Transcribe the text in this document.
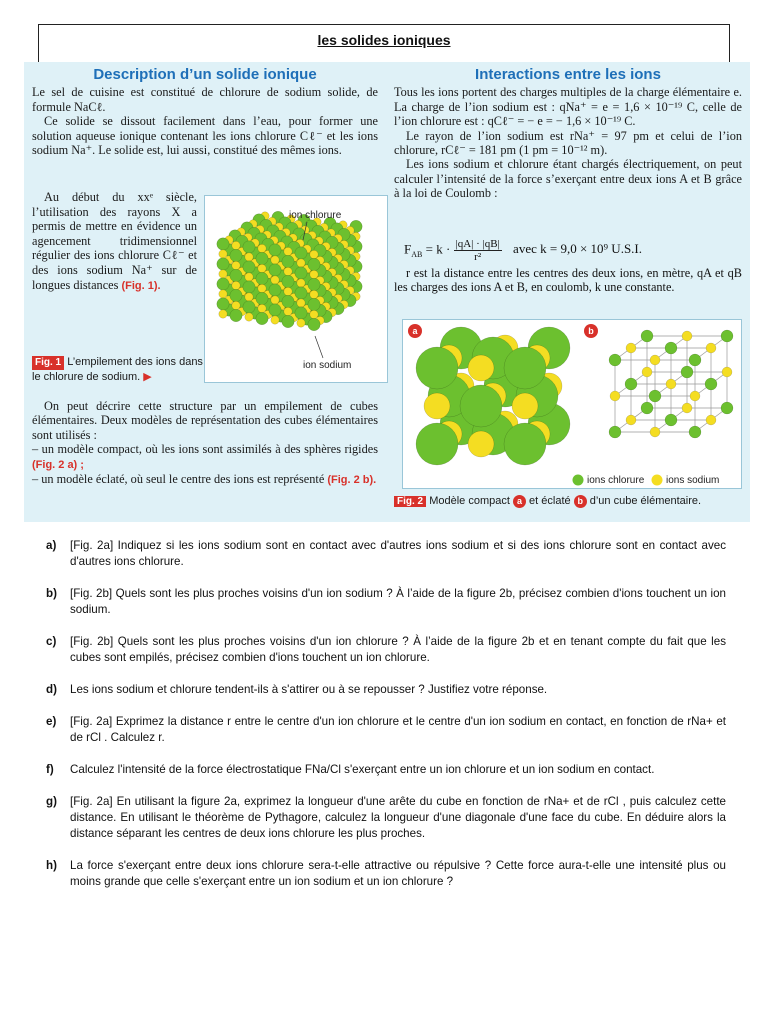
les solides ioniques
Description d’un solide ionique
Le sel de cuisine est constitué de chlorure de sodium solide, de formule NaCℓ.
Ce solide se dissout facilement dans l’eau, pour former une solution aqueuse ionique contenant les ions chlorure Cℓ⁻ et les ions sodium Na⁺. Le solide est, lui aussi, constitué des mêmes ions.
Au début du xxᵉ siècle, l’utilisation des rayons X a permis de mettre en évidence un agencement tridimensionnel régulier des ions chlorure Cℓ⁻ et des ions sodium Na⁺ sur de longues distances (Fig. 1).
ion chlorure
ion sodium
Fig. 1 L’empilement des ions dans le chlorure de sodium. ▶
On peut décrire cette structure par un empilement de cubes élémentaires. Deux modèles de représentation des cubes élémentaires sont utilisés :
– un modèle compact, où les ions sont assimilés à des sphères rigides (Fig. 2 a) ;
– un modèle éclaté, où seul le centre des ions est représenté (Fig. 2 b).
Interactions entre les ions
Tous les ions portent des charges multiples de la charge élémentaire e. La charge de l’ion sodium est : qNa⁺ = e = 1,6 × 10⁻¹⁹ C, celle de l’ion chlorure est : qCℓ⁻ = − e = − 1,6 × 10⁻¹⁹ C.
Le rayon de l’ion sodium est rNa⁺ = 97 pm et celui de l’ion chlorure, rCℓ⁻ = 181 pm (1 pm = 10⁻¹² m).
Les ions sodium et chlorure étant chargés électriquement, on peut calculer l’intensité de la force s’exerçant entre deux ions A et B grâce à la loi de Coulomb :
$F_{AB} = k \cdot \frac{|qA| \cdot |qB|}{\text{r²}}$ avec k = 9,0 × 10⁹ U.S.I.
r est la distance entre les centres des deux ions, en mètre, qA et qB les charges des ions A et B, en coulomb, k une constante.
a	b
ions chlorure ions sodium
Fig. 2 Modèle compact a et éclaté b d’un cube élémentaire.
a) [Fig. 2a] Indiquez si les ions sodium sont en contact avec d'autres ions sodium et si des ions chlorure sont en contact avec d'autres ions chlorure.
b) [Fig. 2b] Quels sont les plus proches voisins d'un ion sodium ? À l’aide de la figure 2b, précisez combien d'ions touchent un ion sodium.
c) [Fig. 2b] Quels sont les plus proches voisins d'un ion chlorure ? À l’aide de la figure 2b et en tenant compte du fait que les cubes sont empilés, précisez combien d'ions touchent un ion chlorure.
d) Les ions sodium et chlorure tendent-ils à s'attirer ou à se repousser ? Justifiez votre réponse.
e) [Fig. 2a] Exprimez la distance r entre le centre d'un ion chlorure et le centre d'un ion sodium en contact, en fonction de rNa+ et de rCl . Calculez r.
f) Calculez l'intensité de la force électrostatique FNa/Cl s'exerçant entre un ion chlorure et un ion sodium en contact.
g) [Fig. 2a] En utilisant la figure 2a, exprimez la longueur d'une arête du cube en fonction de rNa+ et de rCl , puis calculez cette distance. En utilisant le théorème de Pythagore, calculez la longueur d'une diagonale d'une face du cube. En déduire alors la distance séparant les centres de deux ions chlorure les plus proches.
h) La force s'exerçant entre deux ions chlorure sera-t-elle attractive ou répulsive ? Cette force aura-t-elle une intensité plus ou moins grande que celle s'exerçant entre un ion sodium et un ion chlorure ?
